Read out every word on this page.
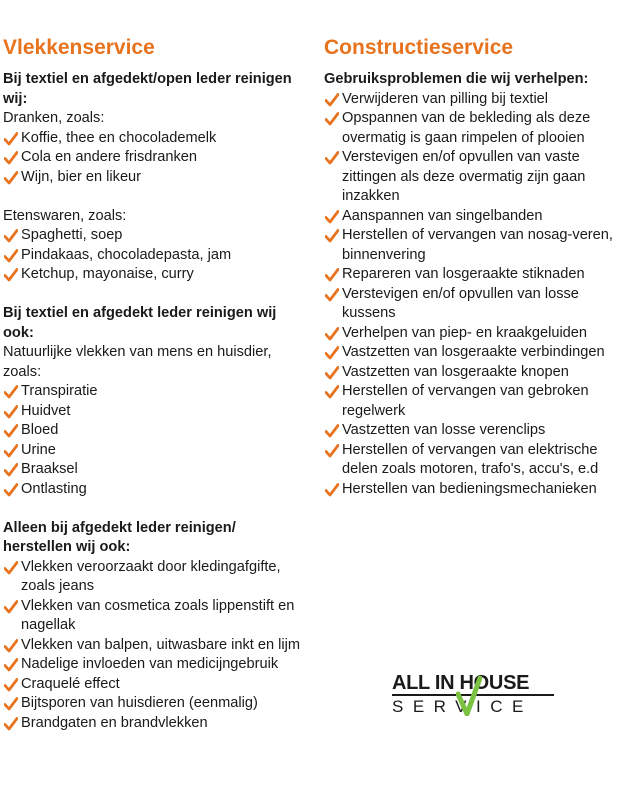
Vlekkenservice

Bij textiel en afgedekt/open leder reinigen wij:

Dranken, zoals:

Koffie, thee en chocolademelk
Cola en andere frisdranken
Wijn, bier en likeur

Etenswaren, zoals:

Spaghetti, soep
Pindakaas, chocoladepasta, jam
Ketchup, mayonaise, curry

Bij textiel en afgedekt leder reinigen wij ook:

Natuurlijke vlekken van mens en huisdier, zoals:

Transpiratie
Huidvet
Bloed
Urine
Braaksel
Ontlasting

Alleen bij afgedekt leder reinigen/ herstellen wij ook:

Vlekken veroorzaakt door kledingafgifte, zoals jeans
Vlekken van cosmetica zoals lippenstift en nagellak
Vlekken van balpen, uitwasbare inkt en lijm
Nadelige invloeden van medicijngebruik
Craquelé effect
Bijtsporen van huisdieren (eenmalig)
Brandgaten en brandvlekken
Constructieservice

Gebruiksproblemen die wij verhelpen:

Verwijderen van pilling bij textiel
Opspannen van de bekleding als deze overmatig is gaan rimpelen of plooien
Verstevigen en/of opvullen van vaste zittingen als deze overmatig zijn gaan inzakken
Aanspannen van singelbanden
Herstellen of vervangen van nosag-veren, binnenvering
Repareren van losgeraakte stiknaden
Verstevigen en/of opvullen van losse kussens
Verhelpen van piep- en kraakgeluiden
Vastzetten van losgeraakte verbindingen
Vastzetten van losgeraakte knopen
Herstellen of vervangen van gebroken regelwerk
Vastzetten van losse verenclips
Herstellen of vervangen van elektrische delen zoals motoren, trafo's, accu's, e.d
Herstellen van bedieningsmechanieken
ALL IN HOUSE
SERVICE
